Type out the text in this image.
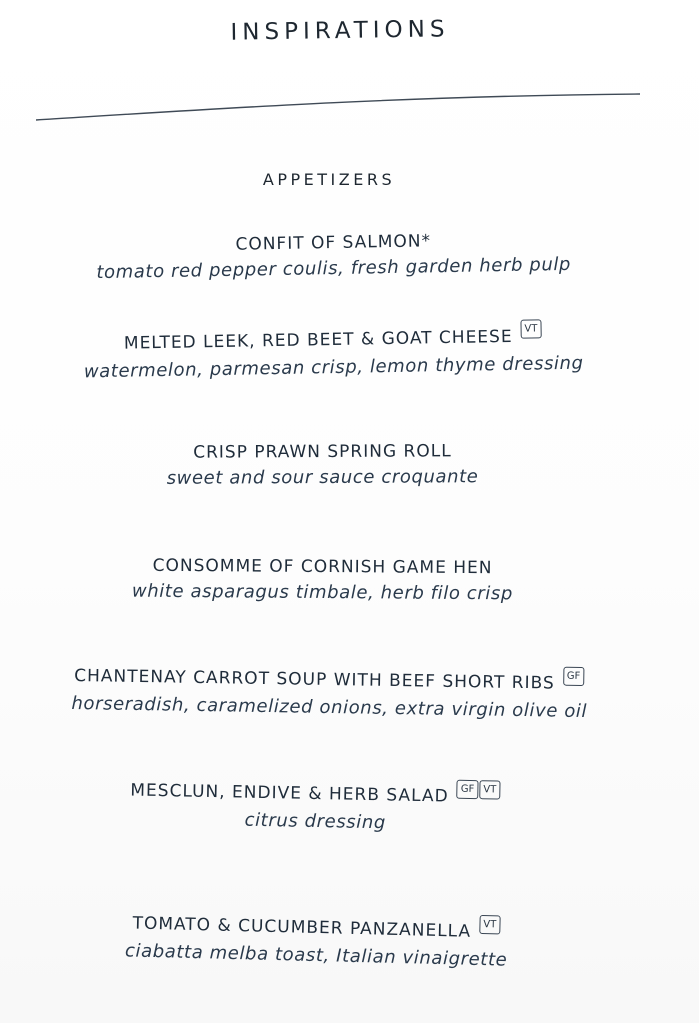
INSPIRATIONS
APPETIZERS
CONFIT OF SALMON*
tomato red pepper coulis, fresh garden herb pulp
MELTED LEEK, RED BEET & GOAT CHEESE VT
watermelon, parmesan crisp, lemon thyme dressing
CRISP PRAWN SPRING ROLL
sweet and sour sauce croquante
CONSOMME OF CORNISH GAME HEN
white asparagus timbale, herb filo crisp
CHANTENAY CARROT SOUP WITH BEEF SHORT RIBS GF
horseradish, caramelized onions, extra virgin olive oil
MESCLUN, ENDIVE & HERB SALAD GF VT
citrus dressing
TOMATO & CUCUMBER PANZANELLA VT
ciabatta melba toast, Italian vinaigrette
